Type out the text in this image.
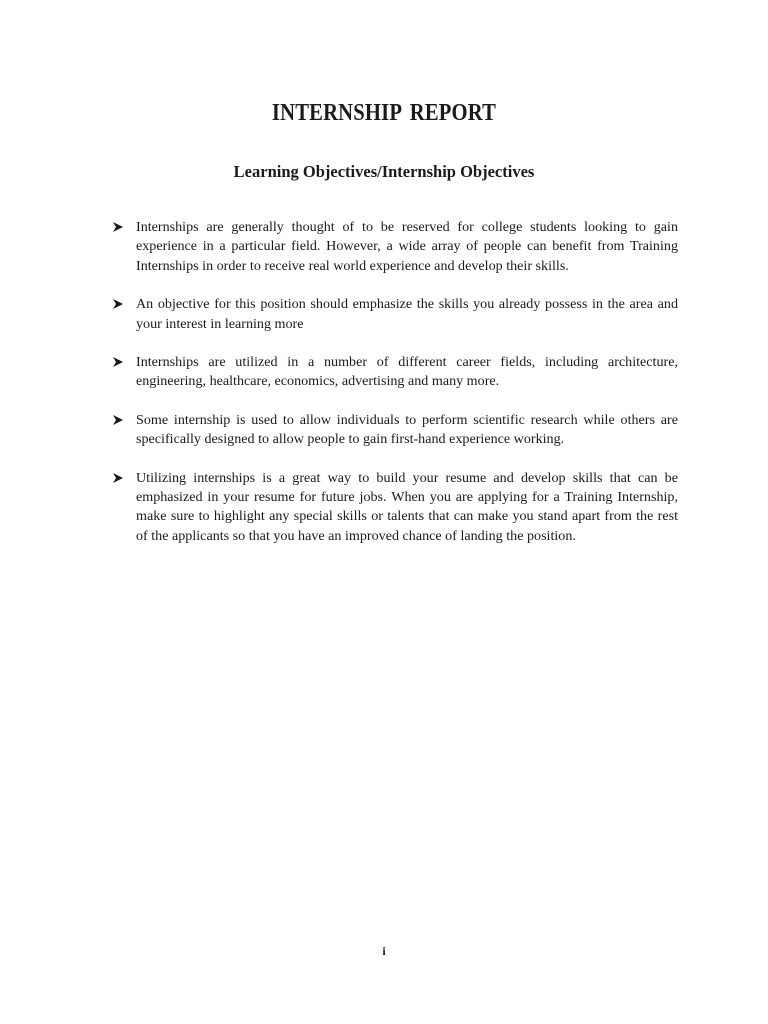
INTERNSHIP REPORT
Learning Objectives/Internship Objectives
Internships are generally thought of to be reserved for college students looking to gain experience in a particular field. However, a wide array of people can benefit from Training Internships in order to receive real world experience and develop their skills.
An objective for this position should emphasize the skills you already possess in the area and your interest in learning more
Internships are utilized in a number of different career fields, including architecture, engineering, healthcare, economics, advertising and many more.
Some internship is used to allow individuals to perform scientific research while others are specifically designed to allow people to gain first-hand experience working.
Utilizing internships is a great way to build your resume and develop skills that can be emphasized in your resume for future jobs. When you are applying for a Training Internship, make sure to highlight any special skills or talents that can make you stand apart from the rest of the applicants so that you have an improved chance of landing the position.
i
